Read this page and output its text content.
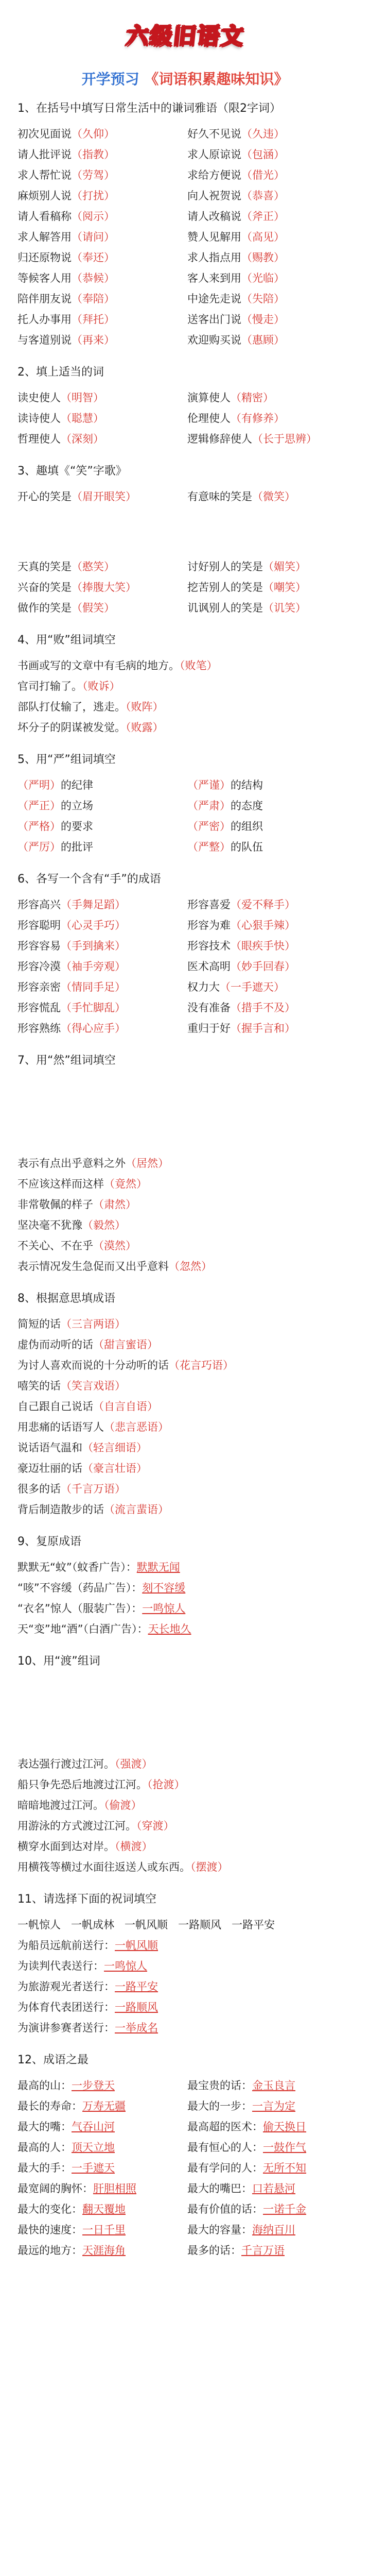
六级旧语文
开学预习 《词语积累趣味知识》
1、在括号中填写日常生活中的谦词雅语（限2字词）
初次见面说（久仰）	好久不见说（久违）
请人批评说（指教）	求人原谅说（包涵）
求人帮忙说（劳驾）	求给方便说（借光）
麻烦别人说（打扰）	向人祝贺说（恭喜）
请人看稿称（阅示）	请人改稿说（斧正）
求人解答用（请问）	赞人见解用（高见）
归还原物说（奉还）	求人指点用（赐教）
等候客人用（恭候）	客人来到用（光临）
陪伴朋友说（奉陪）	中途先走说（失陪）
托人办事用（拜托）	送客出门说（慢走）
与客道别说（再来）	欢迎购买说（惠顾）
2、填上适当的词
读史使人（明智）	演算使人（精密）
读诗使人（聪慧）	伦理使人（有修养）
哲理使人（深刻）	逻辑修辞使人（长于思辨）
3、趣填《“笑”字歌》
开心的笑是（眉开眼笑）	有意味的笑是（微笑）
天真的笑是（憨笑）	讨好别人的笑是（媚笑）
兴奋的笑是（捧腹大笑）	挖苦别人的笑是（嘲笑）
做作的笑是（假笑）	讥讽别人的笑是（讥笑）
4、用“败”组词填空
书画或写的文章中有毛病的地方。（败笔）
官司打输了。（败诉）
部队打仗输了，逃走。（败阵）
坏分子的阴谋被发觉。（败露）
5、用“严”组词填空
（严明）的纪律	（严谨）的结构
（严正）的立场	（严肃）的态度
（严格）的要求	（严密）的组织
（严厉）的批评	（严整）的队伍
6、各写一个含有“手”的成语
形容高兴（手舞足蹈）	形容喜爱（爱不释手）
形容聪明（心灵手巧）	形容为难（心狠手辣）
形容容易（手到擒来）	形容技术（眼疾手快）
形容冷漠（袖手旁观）	医术高明（妙手回春）
形容亲密（情同手足）	权力大（一手遮天）
形容慌乱（手忙脚乱）	没有准备（措手不及）
形容熟练（得心应手）	重归于好（握手言和）
7、用“然”组词填空
表示有点出乎意料之外（居然）
不应该这样而这样（竟然）
非常敬佩的样子（肃然）
坚决毫不犹豫（毅然）
不关心、不在乎（漠然）
表示情况发生急促而又出乎意料（忽然）
8、根据意思填成语
简短的话（三言两语）
虚伪而动听的话（甜言蜜语）
为讨人喜欢而说的十分动听的话（花言巧语）
嘻笑的话（笑言戏语）
自己跟自己说话（自言自语）
用悲痛的话语写人（悲言恶语）
说话语气温和（轻言细语）
豪迈壮丽的话（豪言壮语）
很多的话（千言万语）
背后制造散步的话（流言蜚语）
9、复原成语
默默无“蚊”（蚊香广告）：默默无闻
“咳”不容缓（药品广告）：刻不容缓
“衣名”惊人（服装广告）：一鸣惊人
天“变”地“酒”（白酒广告）：天长地久
10、用“渡”组词
表达强行渡过江河。（强渡）
船只争先恐后地渡过江河。（抢渡）
暗暗地渡过江河。（偷渡）
用游泳的方式渡过江河。（穿渡）
横穿水面到达对岸。（横渡）
用横筏等横过水面往返送人或东西。（摆渡）
11、请选择下面的祝词填空
一帆惊人   一帆成林   一帆风顺   一路顺风   一路平安
为船员远航前送行：一帆风顺
为读判代表送行：一鸣惊人
为旅游观光者送行：一路平安
为体育代表团送行：一路顺风
为演讲参赛者送行：一举成名
12、成语之最
最高的山：一步登天	最宝贵的话：金玉良言
最长的寿命：万寿无疆	最大的一步：一言为定
最大的嘴：气吞山河	最高超的医术：偷天换日
最高的人：顶天立地	最有恒心的人：一鼓作气
最大的手：一手遮天	最有学问的人：无所不知
最宽阔的胸怀：肝胆相照	最大的嘴巴：口若悬河
最大的变化：翻天覆地	最有价值的话：一诺千金
最快的速度：一日千里	最大的容量：海纳百川
最远的地方：天涯海角	最多的话：千言万语
